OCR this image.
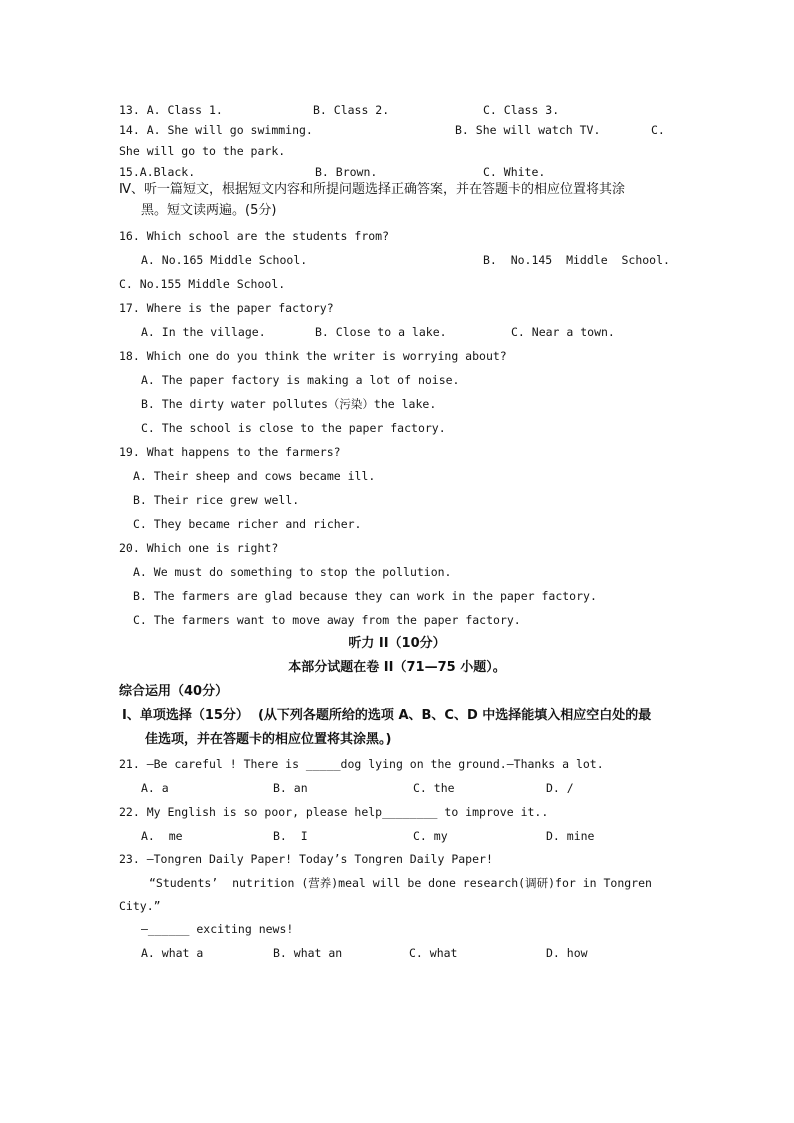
13. A. Class 1.	B. Class 2.	C. Class 3.
14. A. She will go swimming.	B. She will watch TV.	C.
She will go to the park.
15.A.Black.	B. Brown.	C. White.
Ⅳ、听一篇短文，根据短文内容和所提问题选择正确答案，并在答题卡的相应位置将其涂
黑。短文读两遍。(5分)
16. Which school are the students from?
A. No.165 Middle School.	B.  No.145  Middle  School.
C. No.155 Middle School.
17. Where is the paper factory?
A. In the village.	B. Close to a lake.	C. Near a town.
18. Which one do you think the writer is worrying about?
A. The paper factory is making a lot of noise.
B. The dirty water pollutes（污染）the lake.
C. The school is close to the paper factory.
19. What happens to the farmers?
A. Their sheep and cows became ill.
B. Their rice grew well.
C. They became richer and richer.
20. Which one is right?
A. We must do something to stop the pollution.
B. The farmers are glad because they can work in the paper factory.
C. The farmers want to move away from the paper factory.
听力 II（10分）
本部分试题在卷 II（71—75 小题）。
综合运用（40分）
Ⅰ、单项选择（15分）  (从下列各题所给的选项 A、B、C、D 中选择能填入相应空白处的最
佳选项，并在答题卡的相应位置将其涂黑。)
21. —Be careful ! There is _____dog lying on the ground.—Thanks a lot.
A. a	B. an	C. the	D. /
22. My English is so poor, please help________ to improve it..
A.  me	B.  I	C. my	D. mine
23. —Tongren Daily Paper! Today’s Tongren Daily Paper!
“Students’  nutrition (营养)meal will be done research(调研)for in Tongren
City.”
—______ exciting news!
A. what a	B. what an	C. what	D. how
